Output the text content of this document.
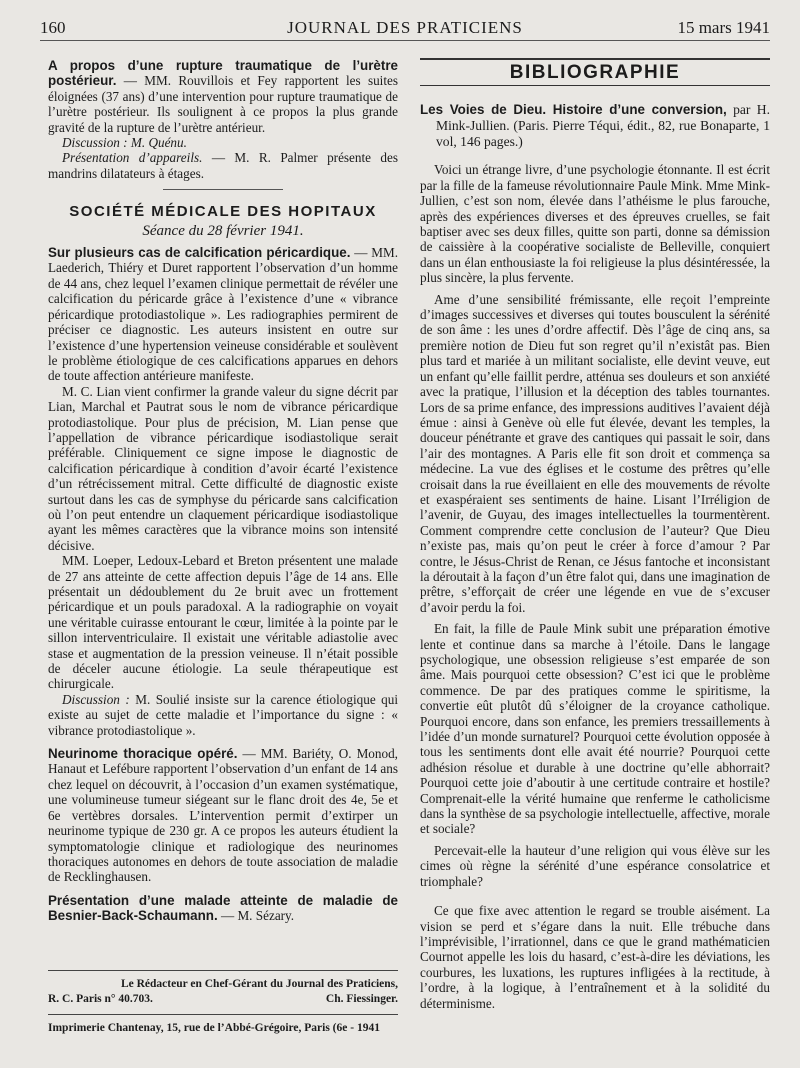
160	JOURNAL DES PRATICIENS	15 mars 1941

A propos d’une rupture traumatique de l’urètre postérieur. — MM. Rouvillois et Fey rapportent les suites éloignées (37 ans) d’une intervention pour rupture traumatique de l’urètre postérieur. Ils soulignent à ce propos la plus grande gravité de la rupture de l’urètre antérieur.

Discussion : M. Quénu.

Présentation d’appareils. — M. R. Palmer présente des mandrins dilatateurs à étages.

SOCIÉTÉ MÉDICALE DES HOPITAUX
Séance du 28 février 1941.

Sur plusieurs cas de calcification péricardique. — MM. Laederich, Thiéry et Duret rapportent l’observation d’un homme de 44 ans, chez lequel l’examen clinique permettait de révéler une calcification du péricarde grâce à l’existence d’une « vibrance péricardique protodiastolique ». Les radiographies permirent de préciser ce diagnostic. Les auteurs insistent en outre sur l’existence d’une hypertension veineuse considérable et soulèvent le problème étiologique de ces calcifications apparues en dehors de toute affection antérieure manifeste.

M. C. Lian vient confirmer la grande valeur du signe décrit par Lian, Marchal et Pautrat sous le nom de vibrance péricardique protodiastolique. Pour plus de précision, M. Lian pense que l’appellation de vibrance péricardique isodiastolique serait préférable. Cliniquement ce signe impose le diagnostic de calcification péricardique à condition d’avoir écarté l’existence d’un rétrécissement mitral. Cette difficulté de diagnostic existe surtout dans les cas de symphyse du péricarde sans calcification où l’on peut entendre un claquement péricardique isodiastolique ayant les mêmes caractères que la vibrance moins son intensité décisive.

MM. Loeper, Ledoux-Lebard et Breton présentent une malade de 27 ans atteinte de cette affection depuis l’âge de 14 ans. Elle présentait un dédoublement du 2e bruit avec un frottement péricardique et un pouls paradoxal. A la radiographie on voyait une véritable cuirasse entourant le cœur, limitée à la pointe par le sillon interventriculaire. Il existait une véritable adiastolie avec stase et augmentation de la pression veineuse. Il n’était possible de déceler aucune étiologie. La seule thérapeutique est chirurgicale.

Discussion : M. Soulié insiste sur la carence étiologique qui existe au sujet de cette maladie et l’importance du signe : « vibrance protodiastolique ».

Neurinome thoracique opéré. — MM. Bariéty, O. Monod, Hanaut et Lefébure rapportent l’observation d’un enfant de 14 ans chez lequel on découvrit, à l’occasion d’un examen systématique, une volumineuse tumeur siégeant sur le flanc droit des 4e, 5e et 6e vertèbres dorsales. L’intervention permit d’extirper un neurinome typique de 230 gr. A ce propos les auteurs étudient la symptomatologie clinique et radiologique des neurinomes thoraciques autonomes en dehors de toute association de maladie de Recklinghausen.

Présentation d’une malade atteinte de maladie de Besnier-Back-Schaumann. — M. Sézary.

Le Rédacteur en Chef-Gérant du Journal des Praticiens,
R. C. Paris n° 40.703.	Ch. Fiessinger.
Imprimerie Chantenay, 15, rue de l’Abbé-Grégoire, Paris (6e - 1941
BIBLIOGRAPHIE

Les Voies de Dieu. Histoire d’une conversion, par H. Mink-Jullien. (Paris. Pierre Téqui, édit., 82, rue Bonaparte, 1 vol, 146 pages.)

Voici un étrange livre, d’une psychologie étonnante. Il est écrit par la fille de la fameuse révolutionnaire Paule Mink. Mme Mink-Jullien, c’est son nom, élevée dans l’athéisme le plus farouche, après des expériences diverses et des épreuves cruelles, se fait baptiser avec ses deux filles, quitte son parti, donne sa démission de caissière à la coopérative socialiste de Belleville, conquiert dans un élan enthousiaste la foi religieuse la plus désintéressée, la plus sincère, la plus fervente.

Ame d’une sensibilité frémissante, elle reçoit l’empreinte d’images successives et diverses qui toutes bousculent la sérénité de son âme : les unes d’ordre affectif. Dès l’âge de cinq ans, sa première notion de Dieu fut son regret qu’il n’existât pas. Bien plus tard et mariée à un militant socialiste, elle devint veuve, eut un enfant qu’elle faillit perdre, atténua ses douleurs et son anxiété avec la pratique, l’illusion et la déception des tables tournantes. Lors de sa prime enfance, des impressions auditives l’avaient déjà émue : ainsi à Genève où elle fut élevée, devant les temples, la douceur pénétrante et grave des cantiques qui passait le soir, dans l’air des montagnes. A Paris elle fit son droit et commença sa médecine. La vue des églises et le costume des prêtres qu’elle croisait dans la rue éveillaient en elle des mouvements de révolte et exaspéraient ses sentiments de haine. Lisant l’Irréligion de l’avenir, de Guyau, des images intellectuelles la tourmentèrent. Comment comprendre cette conclusion de l’auteur? Que Dieu n’existe pas, mais qu’on peut le créer à force d’amour ? Par contre, le Jésus-Christ de Renan, ce Jésus fantoche et inconsistant la déroutait à la façon d’un être falot qui, dans une imagination de prêtre, s’efforçait de créer une légende en vue de s’excuser d’avoir perdu la foi.

En fait, la fille de Paule Mink subit une préparation émotive lente et continue dans sa marche à l’étoile. Dans le langage psychologique, une obsession religieuse s’est emparée de son âme. Mais pourquoi cette obsession? C’est ici que le problème commence. De par des pratiques comme le spiritisme, la convertie eût plutôt dû s’éloigner de la croyance catholique. Pourquoi encore, dans son enfance, les premiers tressaillements à l’idée d’un monde surnaturel? Pourquoi cette évolution opposée à tous les sentiments dont elle avait été nourrie? Pourquoi cette adhésion résolue et durable à une doctrine qu’elle abhorrait? Pourquoi cette joie d’aboutir à une certitude contraire et hostile? Comprenait-elle la vérité humaine que renferme le catholicisme dans la synthèse de sa psychologie intellectuelle, affective, morale et sociale?

Percevait-elle la hauteur d’une religion qui vous élève sur les cimes où règne la sérénité d’une espérance consolatrice et triomphale?

Ce que fixe avec attention le regard se trouble aisément. La vision se perd et s’égare dans la nuit. Elle trébuche dans l’imprévisible, l’irrationnel, dans ce que le grand mathématicien Cournot appelle les lois du hasard, c’est-à-dire les déviations, les courbures, les luxations, les ruptures infligées à la rectitude, à l’ordre, à la logique, à l’entraînement et à la solidité du déterminisme.
